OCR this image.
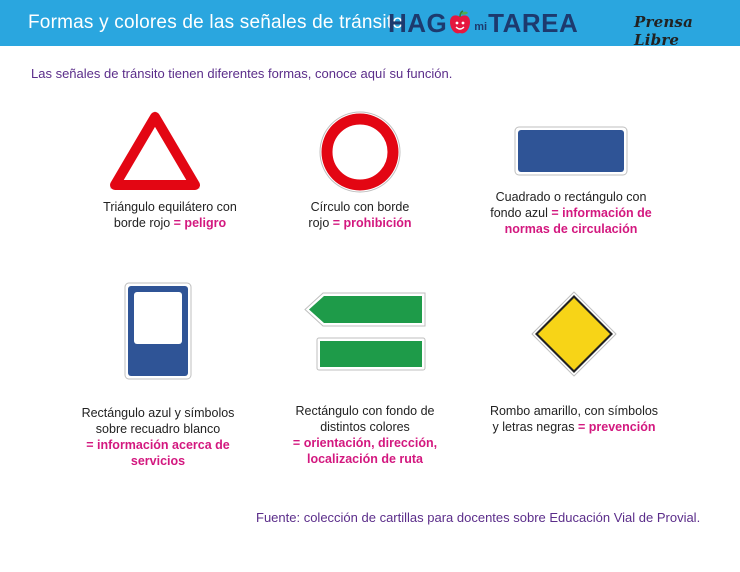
Formas y colores de las señales de tránsito
HAG mi TAREA	Prensa Libre
Las señales de tránsito tienen diferentes formas, conoce aquí su función.
Triángulo equilátero con
borde rojo = peligro
Círculo con borde
rojo = prohibición
Cuadrado o rectángulo con
fondo azul = información de
normas de circulación
Rectángulo azul y símbolos
sobre recuadro blanco
= información acerca de
servicios
Rectángulo con fondo de
distintos colores
= orientación, dirección,
localización de ruta
Rombo amarillo, con símbolos
y letras negras = prevención
Fuente: colección de cartillas para docentes sobre Educación Vial de Provial.
